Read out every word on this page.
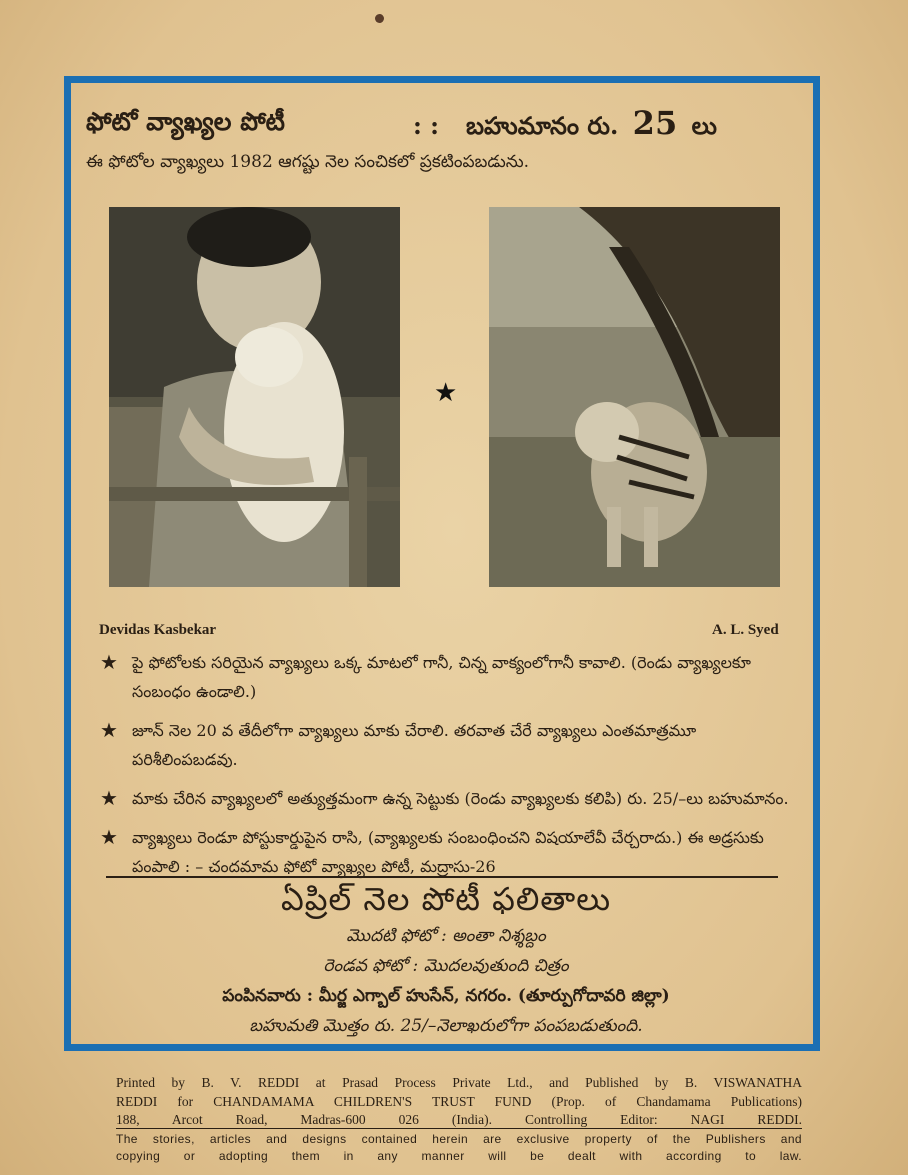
ఫోటో వ్యాఖ్యల పోటీ	: :	బహుమానం రు. 25 లు
ఈ ఫోటోల వ్యాఖ్యలు 1982 ఆగష్టు నెల సంచికలో ప్రకటింపబడును.
★
Devidas Kasbekar	A. L. Syed
★ పై ఫోటోలకు సరియైన వ్యాఖ్యలు ఒక్క మాటలో గానీ, చిన్న వాక్యంలోగానీ కావాలి. (రెండు వ్యాఖ్యలకూ సంబంధం ఉండాలి.)
★ జూన్ నెల 20 వ తేదీలోగా వ్యాఖ్యలు మాకు చేరాలి. తరవాత చేరే వ్యాఖ్యలు ఎంతమాత్రమూ పరిశీలింపబడవు.
★ మాకు చేరిన వ్యాఖ్యలలో అత్యుత్తమంగా ఉన్న సెట్టుకు (రెండు వ్యాఖ్యలకు కలిపి) రు. 25/–లు బహుమానం.
★ వ్యాఖ్యలు రెండూ పోస్టుకార్డుపైన రాసి, (వ్యాఖ్యలకు సంబంధించని విషయాలేవీ చేర్చరాదు.) ఈ అడ్రసుకు పంపాలి : – చందమామ ఫోటో వ్యాఖ్యల పోటీ, మద్రాసు-26
ఏప్రిల్ నెల పోటీ ఫలితాలు
మొదటి ఫోటో : అంతా నిశ్శబ్దం
రెండవ ఫోటో : మొదలవుతుంది చిత్రం
పంపినవారు : మీర్జ ఎగ్బాల్ హుసేన్, నగరం. (తూర్పుగోదావరి జిల్లా)
బహుమతి మొత్తం రు. 25/–నెలాఖరులోగా పంపబడుతుంది.
Printed by B. V. REDDI at Prasad Process Private Ltd., and Published by B. VISWANATHA
REDDI for CHANDAMAMA CHILDREN'S TRUST FUND (Prop. of Chandamama Publications)
188, Arcot Road, Madras-600 026 (India). Controlling Editor: NAGI REDDI.
The stories, articles and designs contained herein are exclusive property of the Publishers and
copying or adopting them in any manner will be dealt with according to law.
